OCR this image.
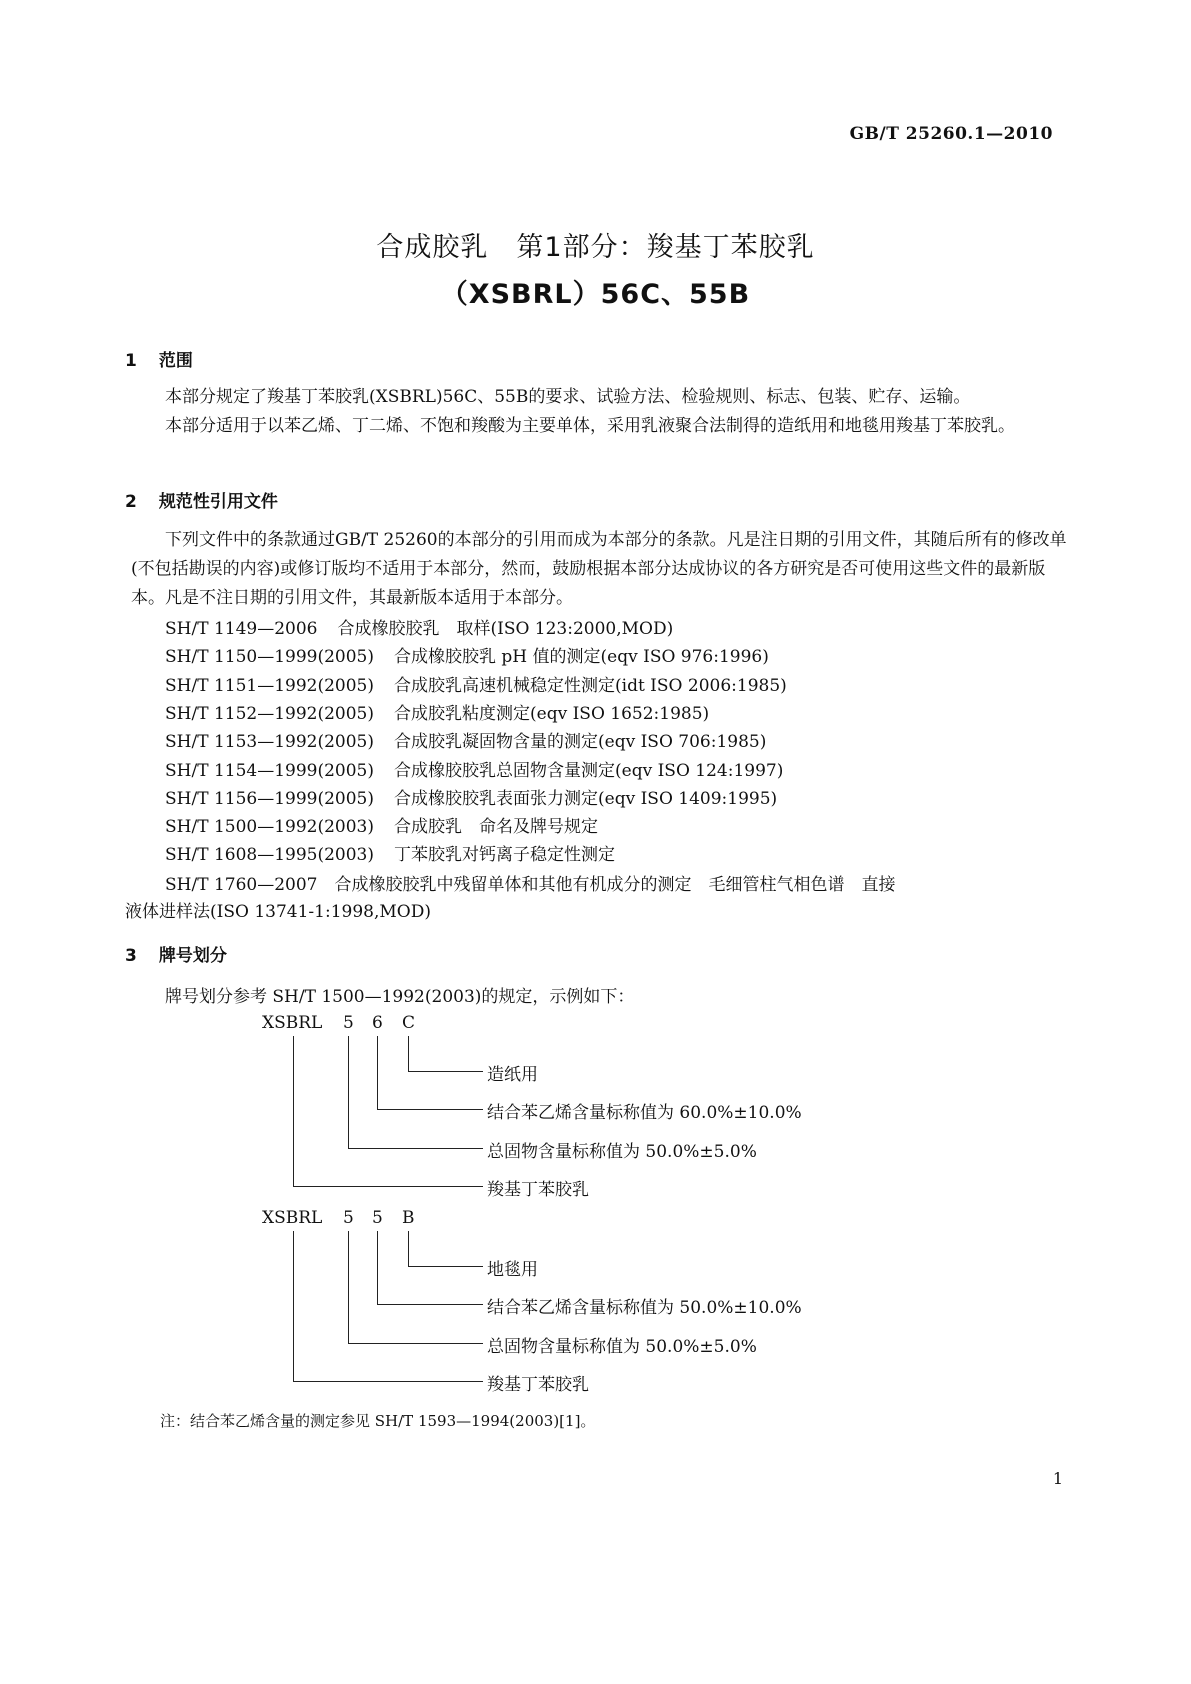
GB/T 25260.1—2010
合成胶乳　第1部分：羧基丁苯胶乳
（XSBRL）56C、55B
1 范围
本部分规定了羧基丁苯胶乳(XSBRL)56C、55B的要求、试验方法、检验规则、标志、包装、贮存、运输。
本部分适用于以苯乙烯、丁二烯、不饱和羧酸为主要单体，采用乳液聚合法制得的造纸用和地毯用羧基丁苯胶乳。
2 规范性引用文件
下列文件中的条款通过GB/T 25260的本部分的引用而成为本部分的条款。凡是注日期的引用文件，其随后所有的修改单(不包括勘误的内容)或修订版均不适用于本部分，然而，鼓励根据本部分达成协议的各方研究是否可使用这些文件的最新版本。凡是不注日期的引用文件，其最新版本适用于本部分。
SH/T 1149—2006 合成橡胶胶乳　取样(ISO 123:2000,MOD)
SH/T 1150—1999(2005) 合成橡胶胶乳 pH 值的测定(eqv ISO 976:1996)
SH/T 1151—1992(2005) 合成胶乳高速机械稳定性测定(idt ISO 2006:1985)
SH/T 1152—1992(2005) 合成胶乳粘度测定(eqv ISO 1652:1985)
SH/T 1153—1992(2005) 合成胶乳凝固物含量的测定(eqv ISO 706:1985)
SH/T 1154—1999(2005) 合成橡胶胶乳总固物含量测定(eqv ISO 124:1997)
SH/T 1156—1999(2005) 合成橡胶胶乳表面张力测定(eqv ISO 1409:1995)
SH/T 1500—1992(2003) 合成胶乳　命名及牌号规定
SH/T 1608—1995(2003) 丁苯胶乳对钙离子稳定性测定
SH/T 1760—2007　合成橡胶胶乳中残留单体和其他有机成分的测定　毛细管柱气相色谱　直接
液体进样法(ISO 13741-1:1998,MOD)
3 牌号划分
牌号划分参考 SH/T 1500—1992(2003)的规定，示例如下：
XSBRL 5 6 C
造纸用
结合苯乙烯含量标称值为 60.0%±10.0%
总固物含量标称值为 50.0%±5.0%
羧基丁苯胶乳
XSBRL 5 5 B
地毯用
结合苯乙烯含量标称值为 50.0%±10.0%
总固物含量标称值为 50.0%±5.0%
羧基丁苯胶乳
注：结合苯乙烯含量的测定参见 SH/T 1593—1994(2003)[1]。
1
